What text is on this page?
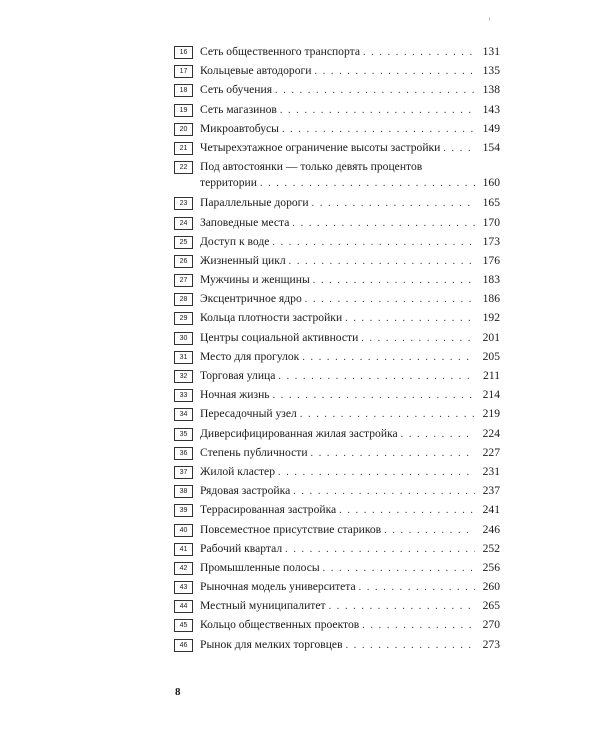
16	Сеть общественного транспорта . . .	131
17	Кольцевые автодороги . . .	135
18	Сеть обучения . . .	138
19	Сеть магазинов . . .	143
20	Микроавтобусы . . .	149
21	Четырехэтажное ограничение высоты застройки . . .	154
22	Под автостоянки — только девять процентов
территории . . .	160
23	Параллельные дороги . . .	165
24	Заповедные места . . .	170
25	Доступ к воде . . .	173
26	Жизненный цикл . . .	176
27	Мужчины и женщины . . .	183
28	Эксцентричное ядро . . .	186
29	Кольца плотности застройки . . .	192
30	Центры социальной активности . . .	201
31	Место для прогулок . . .	205
32	Торговая улица . . .	211
33	Ночная жизнь . . .	214
34	Пересадочный узел . . .	219
35	Диверсифицированная жилая застройка . . .	224
36	Степень публичности . . .	227
37	Жилой кластер . . .	231
38	Рядовая застройка . . .	237
39	Террасированная застройка . . .	241
40	Повсеместное присутствие стариков . . .	246
41	Рабочий квартал . . .	252
42	Промышленные полосы . . .	256
43	Рыночная модель университета . . .	260
44	Местный муниципалитет . . .	265
45	Кольцо общественных проектов . . .	270
46	Рынок для мелких торговцев . . .	273
8
